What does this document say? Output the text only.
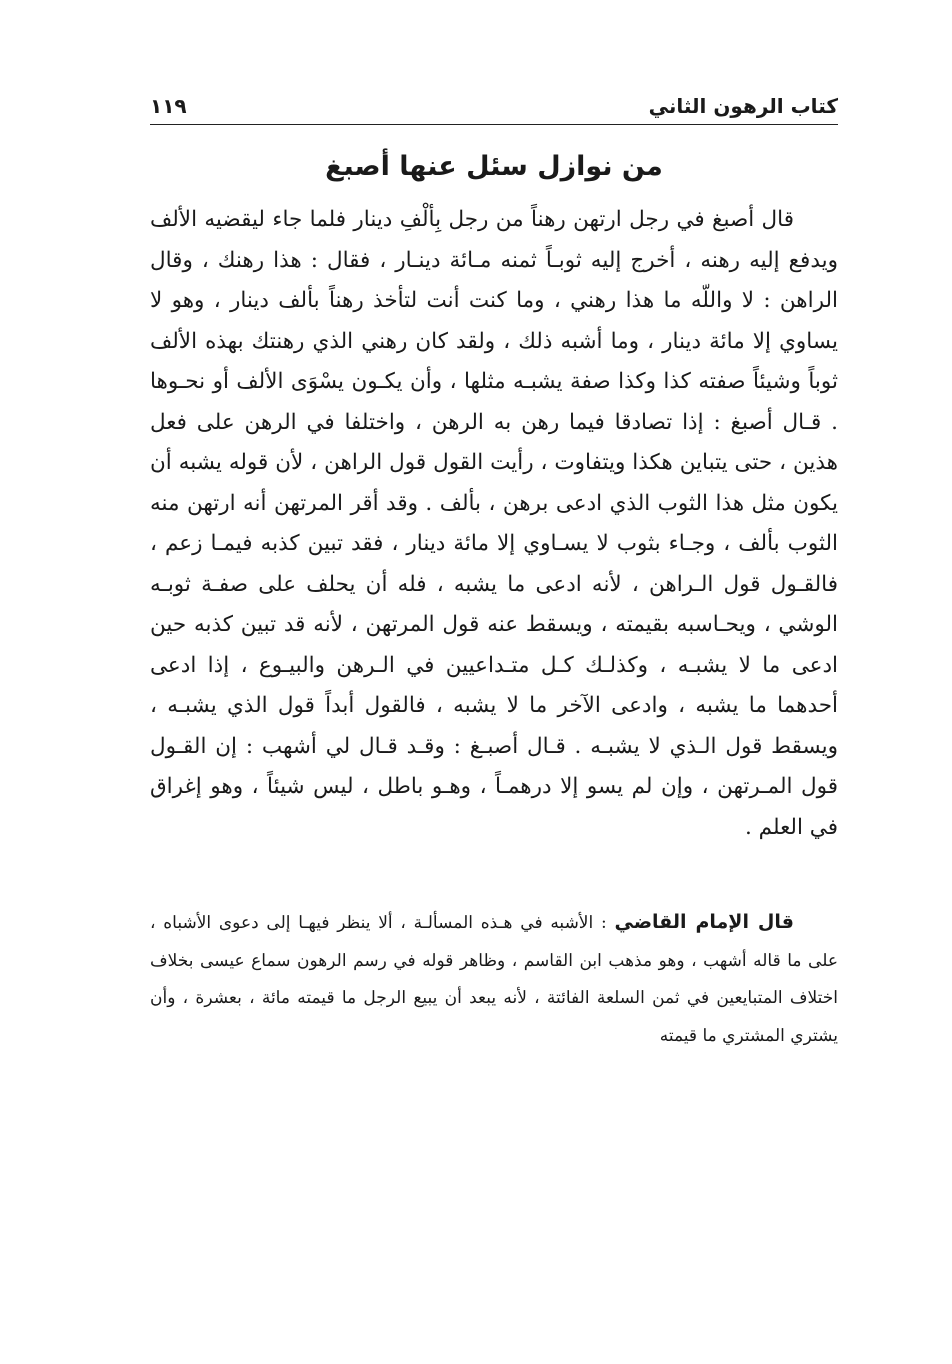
كتاب الرهون الثاني
١١٩
من نوازل سئل عنها أصبغ

قال أصبغ في رجل ارتهن رهناً من رجل بِألْفِ دينار فلما جاء ليقضيه الألف ويدفع إليه رهنه ، أخرج إليه ثوبـاً ثمنه مـائة دينـار ، فقال : هذا رهنك ، وقال الراهن : لا واللّه ما هذا رهني ، وما كنت أنت لتأخذ رهناً بألف دينار ، وهو لا يساوي إلا مائة دينار ، وما أشبه ذلك ، ولقد كان رهني الذي رهنتك بهذه الألف ثوباً وشيئاً صفته كذا وكذا صفة يشبـه مثلها ، وأن يكـون يسْوَى الألف أو نحـوها . قـال أصبغ : إذا تصادقا فيما رهن به الرهن ، واختلفا في الرهن على فعل هذين ، حتى يتباين هكذا ويتفاوت ، رأيت القول قول الراهن ، لأن قوله يشبه أن يكون مثل هذا الثوب الذي ادعى برهن ، بألف . وقد أقر المرتهن أنه ارتهن منه الثوب بألف ، وجـاء بثوب لا يسـاوي إلا مائة دينار ، فقد تبين كذبه فيمـا زعم ، فالقـول قول الـراهن ، لأنه ادعى ما يشبه ، فله أن يحلف على صفـة ثوبـه الوشي ، ويحـاسبه بقيمته ، ويسقط عنه قول المرتهن ، لأنه قد تبين كذبه حين ادعى ما لا يشبـه ، وكذلـك كـل متـداعيين في الـرهن والبيـوع ، إذا ادعى أحدهما ما يشبه ، وادعى الآخر ما لا يشبه ، فالقول أبداً قول الذي يشبـه ، ويسقط قول الـذي لا يشبـه . قـال أصبـغ : وقـد قـال لي أشهب : إن القـول قول المـرتهن ، وإن لم يسو إلا درهمـاً ، وهـو باطل ، ليس شيئاً ، وهو إغراق في العلم .

قال الإمام القاضي : الأشبه في هـذه المسألـة ، ألا ينظر فيهـا إلى دعوى الأشباه ، على ما قاله أشهب ، وهو مذهب ابن القاسم ، وظاهر قوله في رسم الرهون سماع عيسى بخلاف اختلاف المتبايعين في ثمن السلعة الفائتة ، لأنه يبعد أن يبيع الرجل ما قيمته مائة ، بعشرة ، وأن يشتري المشتري ما قيمته
